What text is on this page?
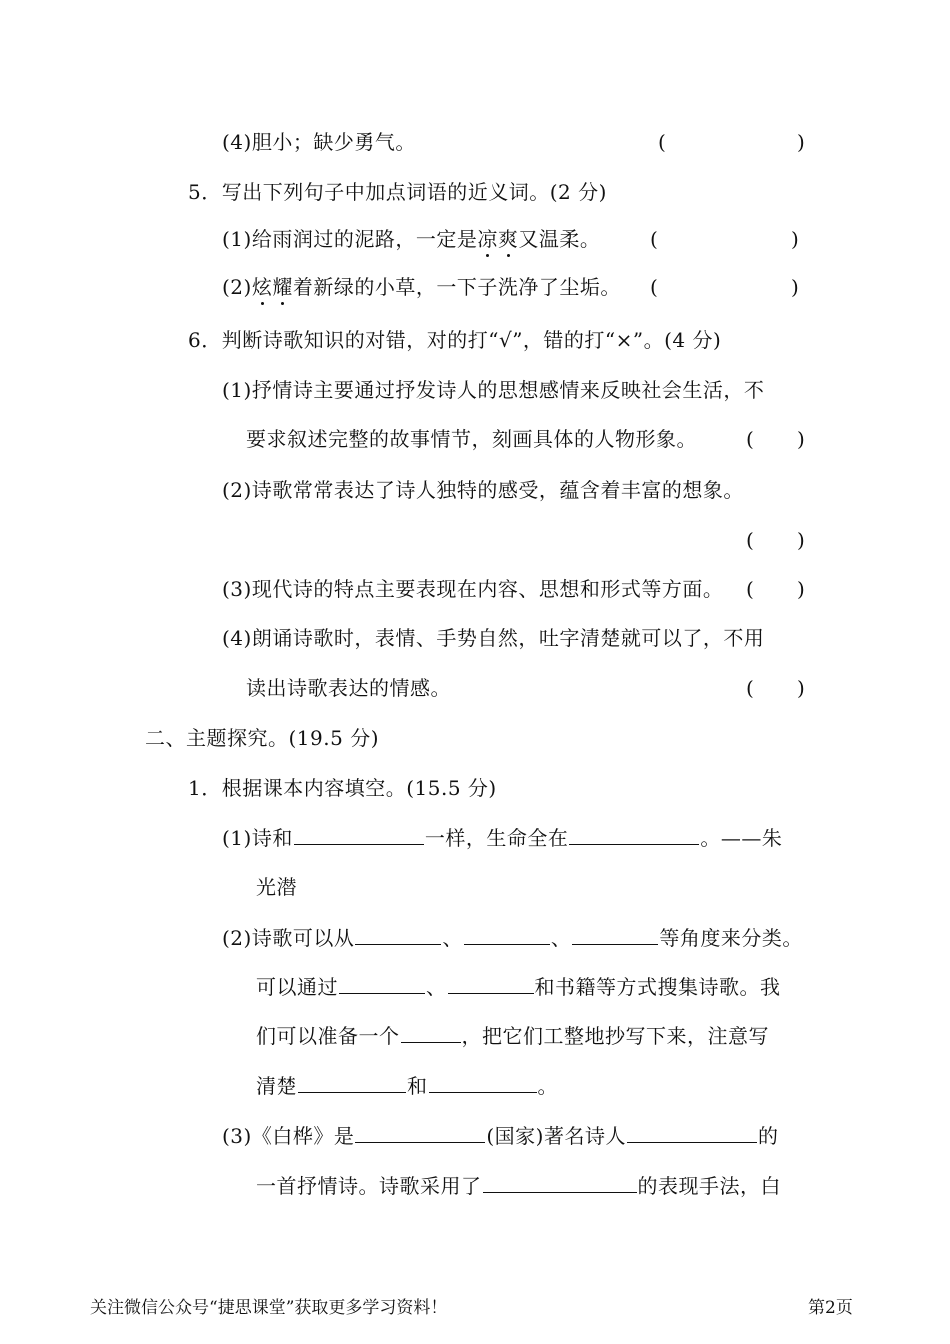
(4)胆小；缺少勇气。	(	)
5．写出下列句子中加点词语的近义词。(2 分)
(1)给雨润过的泥路，一定是凉爽又温柔。 (	)
(2)炫耀着新绿的小草，一下子洗净了尘垢。 (	)
6．判断诗歌知识的对错，对的打“√”，错的打“×”。(4 分)
(1)抒情诗主要通过抒发诗人的思想感情来反映社会生活，不
要求叙述完整的故事情节，刻画具体的人物形象。 ( )
(2)诗歌常常表达了诗人独特的感受，蕴含着丰富的想象。
( )
(3)现代诗的特点主要表现在内容、思想和形式等方面。 ( )
(4)朗诵诗歌时，表情、手势自然，吐字清楚就可以了，不用
读出诗歌表达的情感。	( )
二、主题探究。(19.5 分)
1．根据课本内容填空。(15.5 分)
(1)诗和	一样，生命全在	。——朱
光潜
(2)诗歌可以从	、	、	等角度来分类。
可以通过	、	和书籍等方式搜集诗歌。我
们可以准备一个	，把它们工整地抄写下来，注意写
清楚	和	。
(3)《白桦》是	(国家)著名诗人	的
一首抒情诗。诗歌采用了	的表现手法，白
关注微信公众号“捷思课堂”获取更多学习资料！	第2页
